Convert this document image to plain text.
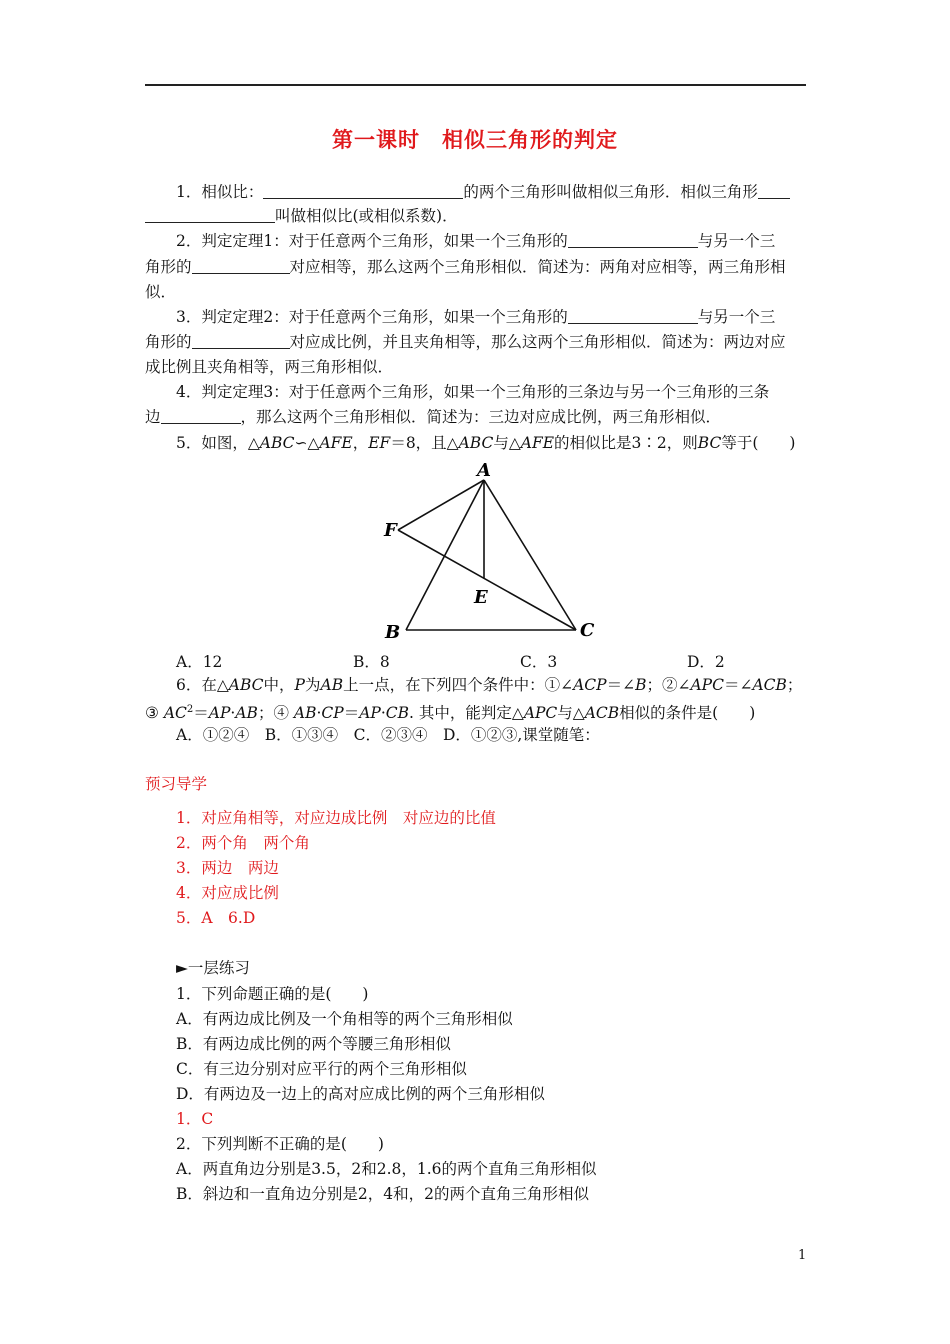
第一课时　相似三角形的判定
1．相似比：	的两个三角形叫做相似三角形．相似三角形
叫做相似比(或相似系数)．
2．判定定理1：对于任意两个三角形，如果一个三角形的	与另一个三
角形的	对应相等，那么这两个三角形相似．简述为：两角对应相等，两三角形相
似．
3．判定定理2：对于任意两个三角形，如果一个三角形的	与另一个三
角形的	对应成比例，并且夹角相等，那么这两个三角形相似．简述为：两边对应
成比例且夹角相等，两三角形相似．
4．判定定理3：对于任意两个三角形，如果一个三角形的三条边与另一个三角形的三条
边	，那么这两个三角形相似．简述为：三边对应成比例，两三角形相似．
5．如图，△ABC∽△AFE，EF＝8，且△ABC与△AFE的相似比是3∶2，则BC等于(　　)
A
F
E
B	C
A．12	B．8	C．3	D．2
6．在△ABC中，P为AB上一点，在下列四个条件中：①∠ACP＝∠B；②∠APC＝∠ACB；
③ $AC^2=AP\cdot AB$；④ AB·CP＝AP·CB. 其中，能判定△APC与△ACB相似的条件是(　　)
A．①②④　B．①③④　C．②③④　D．①②③,课堂随笔：
预习导学
1．对应角相等，对应边成比例　对应边的比值
2．两个角　两个角
3．两边　两边
4．对应成比例
5．A　6.D
►一层练习
1．下列命题正确的是(　　)
A．有两边成比例及一个角相等的两个三角形相似
B．有两边成比例的两个等腰三角形相似
C．有三边分别对应平行的两个三角形相似
D．有两边及一边上的高对应成比例的两个三角形相似
1．C
2．下列判断不正确的是(　　)
A．两直角边分别是3.5，2和2.8，1.6的两个直角三角形相似
B．斜边和一直角边分别是2，4和，2的两个直角三角形相似
1
